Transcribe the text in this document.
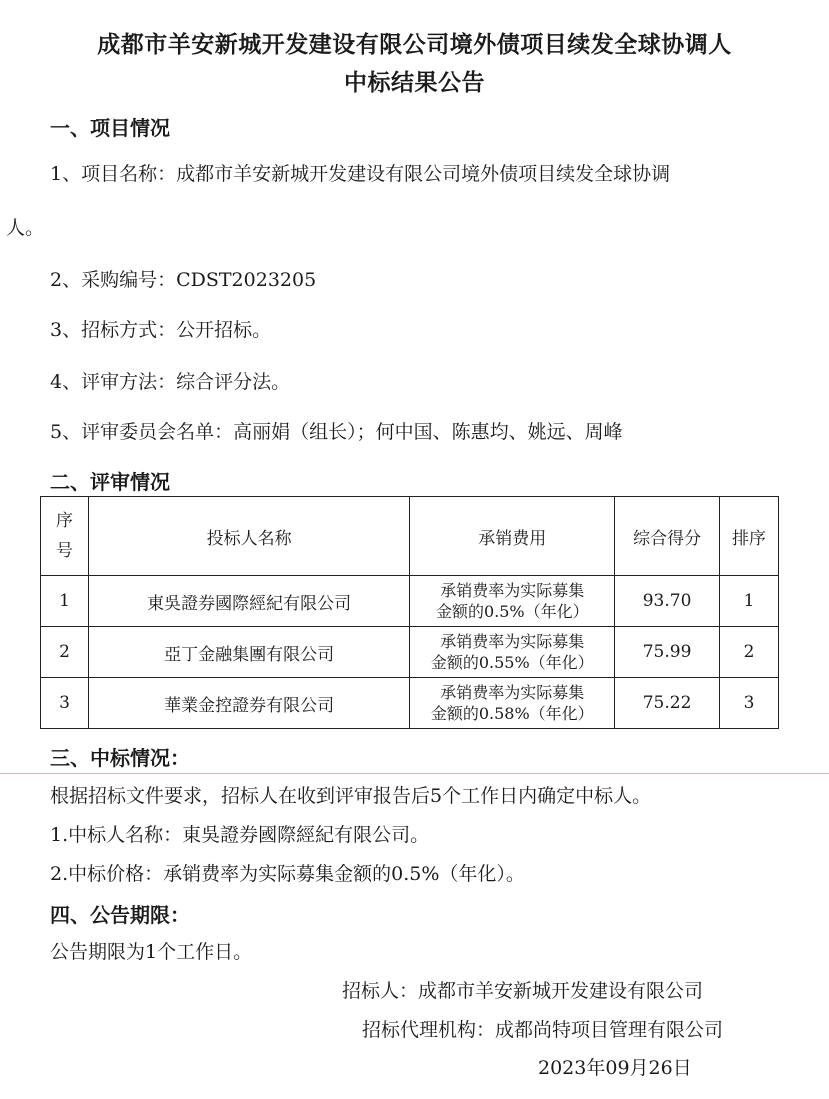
成都市羊安新城开发建设有限公司境外债项目续发全球协调人
中标结果公告
一、项目情况
1、项目名称：成都市羊安新城开发建设有限公司境外债项目续发全球协调
人。
2、采购编号：CDST2023205
3、招标方式：公开招标。
4、评审方法：综合评分法。
5、评审委员会名单：高丽娟（组长）；何中国、陈惠均、姚远、周峰
二、评审情况
序
号	投标人名称	承销费用	综合得分	排序
1	東吳證券國際經紀有限公司	承销费率为实际募集
金额的0.5%（年化）	93.70	1
2	亞丁金融集團有限公司	承销费率为实际募集
金额的0.55%（年化）	75.99	2
3	華業金控證券有限公司	承销费率为实际募集
金额的0.58%（年化）	75.22	3
三、中标情况：
根据招标文件要求，招标人在收到评审报告后5个工作日内确定中标人。
1.中标人名称：東吳證券國際經紀有限公司。
2.中标价格：承销费率为实际募集金额的0.5%（年化）。
四、公告期限：
公告期限为1个工作日。
招标人：成都市羊安新城开发建设有限公司
招标代理机构：成都尚特项目管理有限公司
2023年09月26日
